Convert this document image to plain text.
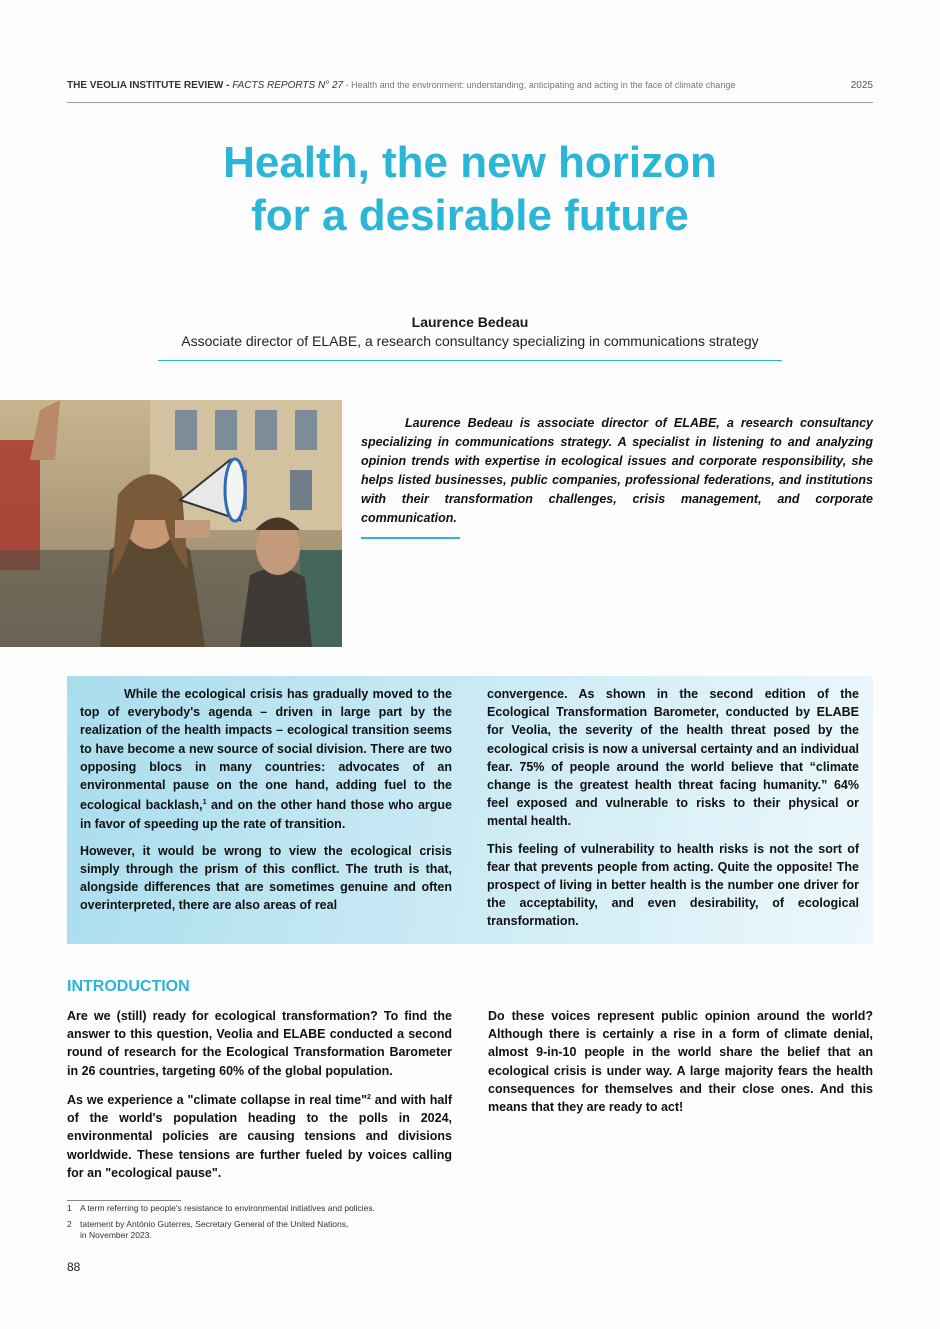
THE VEOLIA INSTITUTE REVIEW - FACTS REPORTS N° 27 - Health and the environment: understanding, anticipating and acting in the face of climate change	2025
Health, the new horizon
for a desirable future
Laurence Bedeau
Associate director of ELABE, a research consultancy specializing in communications strategy

Laurence Bedeau is associate director of ELABE, a research consultancy specializing in communications strategy. A specialist in listening to and analyzing opinion trends with expertise in ecological issues and corporate responsibility, she helps listed businesses, public companies, professional federations, and institutions with their transformation challenges, crisis management, and corporate communication.

While the ecological crisis has gradually moved to the top of everybody's agenda – driven in large part by the realization of the health impacts – ecological transition seems to have become a new source of social division. There are two opposing blocs in many countries: advocates of an environmental pause on the one hand, adding fuel to the ecological backlash,$^1$ and on the other hand those who argue in favor of speeding up the rate of transition.

However, it would be wrong to view the ecological crisis simply through the prism of this conflict. The truth is that, alongside differences that are sometimes genuine and often overinterpreted, there are also areas of real

convergence. As shown in the second edition of the Ecological Transformation Barometer, conducted by ELABE for Veolia, the severity of the health threat posed by the ecological crisis is now a universal certainty and an individual fear. 75% of people around the world believe that “climate change is the greatest health threat facing humanity.” 64% feel exposed and vulnerable to risks to their physical or mental health.

This feeling of vulnerability to health risks is not the sort of fear that prevents people from acting. Quite the opposite! The prospect of living in better health is the number one driver for the acceptability, and even desirability, of ecological transformation.

INTRODUCTION

Are we (still) ready for ecological transformation? To find the answer to this question, Veolia and ELABE conducted a second round of research for the Ecological Transformation Barometer in 26 countries, targeting 60% of the global population.

As we experience a "climate collapse in real time"$^2$ and with half of the world's population heading to the polls in 2024, environmental policies are causing tensions and divisions worldwide. These tensions are further fueled by voices calling for an "ecological pause".

Do these voices represent public opinion around the world? Although there is certainly a rise in a form of climate denial, almost 9-in-10 people in the world share the belief that an ecological crisis is under way. A large majority fears the health consequences for themselves and their close ones. And this means that they are ready to act!

1 A term referring to people's resistance to environmental initiatives and policies.
2 tatement by António Guterres, Secretary General of the United Nations,
in November 2023.
88
